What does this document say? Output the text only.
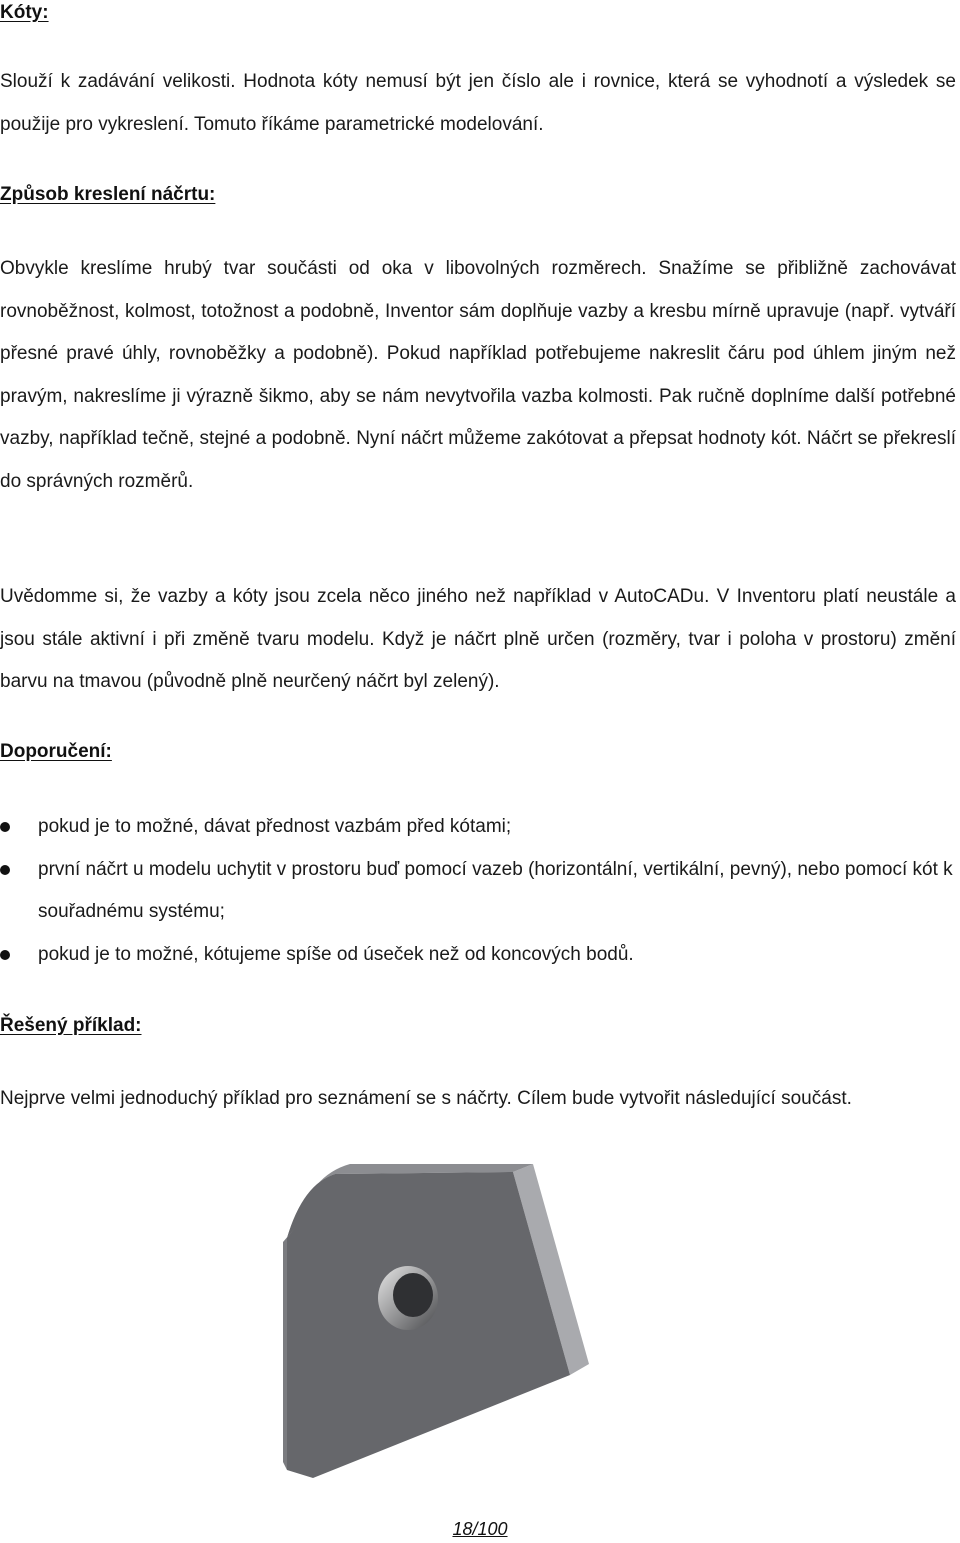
Kóty:

Slouží k zadávání velikosti. Hodnota kóty nemusí být jen číslo ale i rovnice, která se vyhodnotí a výsledek se použije pro vykreslení. Tomuto říkáme parametrické modelování.

Způsob kreslení náčrtu:

Obvykle kreslíme hrubý tvar součásti od oka v libovolných rozměrech. Snažíme se přibližně zachovávat rovnoběžnost, kolmost, totožnost a podobně, Inventor sám doplňuje vazby a kresbu mírně upravuje (např. vytváří přesné pravé úhly, rovnoběžky a podobně). Pokud například potřebujeme nakreslit čáru pod úhlem jiným než pravým, nakreslíme ji výrazně šikmo, aby se nám nevytvořila vazba kolmosti. Pak ručně doplníme další potřebné vazby, například tečně, stejné a podobně. Nyní náčrt můžeme zakótovat a přepsat hodnoty kót. Náčrt se překreslí do správných rozměrů.

Uvědomme si, že vazby a kóty jsou zcela něco jiného než například v AutoCADu. V Inventoru platí neustále a jsou stále aktivní i při změně tvaru modelu. Když je náčrt plně určen (rozměry, tvar i poloha v prostoru) změní barvu na tmavou (původně plně neurčený náčrt byl zelený).

Doporučení:
pokud je to možné, dávat přednost vazbám před kótami;
první náčrt u modelu uchytit v prostoru buď pomocí vazeb (horizontální, vertikální, pevný), nebo pomocí kót k souřadnému systému;
pokud je to možné, kótujeme spíše od úseček než od koncových bodů.
Řešený příklad:

Nejprve velmi jednoduchý příklad pro seznámení se s náčrty. Cílem bude vytvořit následující součást.

18/100
